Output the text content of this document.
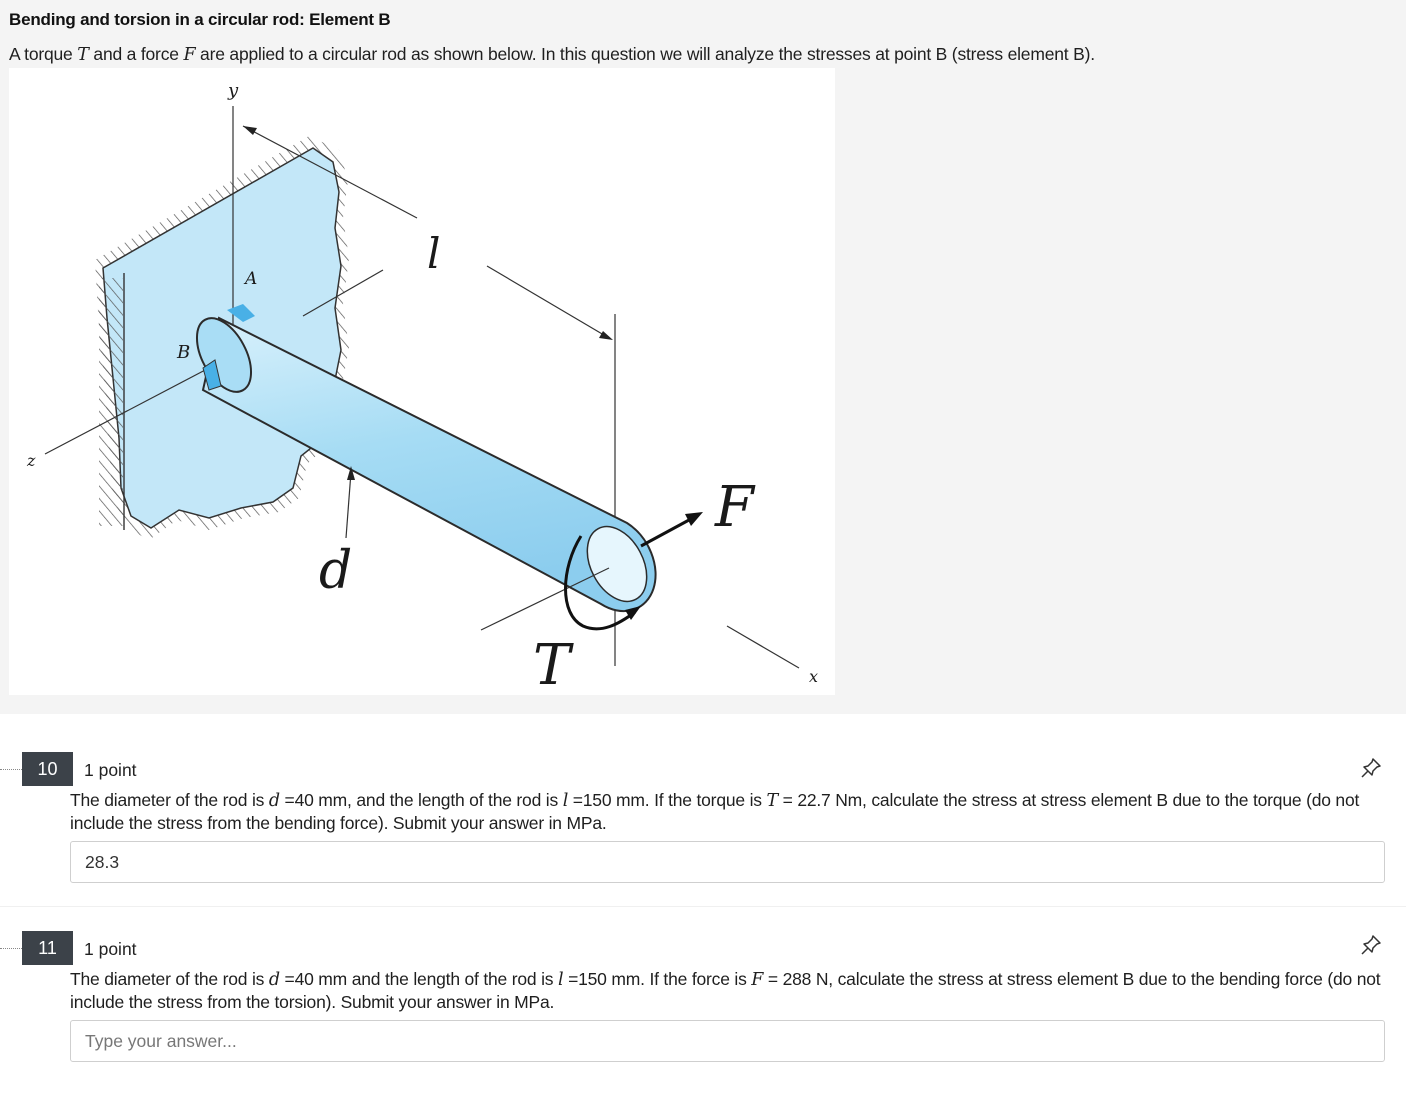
Bending and torsion in a circular rod: Element B
A torque T and a force F are applied to a circular rod as shown below. In this question we will analyze the stresses at point B (stress element B).
y
z
l
A
B
x
d
F
T
10	1 point
The diameter of the rod is d =40 mm, and the length of the rod is l =150 mm. If the torque is T = 22.7 Nm, calculate the stress at stress element B due to the torque (do not include the stress from the bending force). Submit your answer in MPa.
28.3
11	1 point
The diameter of the rod is d =40 mm and the length of the rod is l =150 mm. If the force is F = 288 N, calculate the stress at stress element B due to the bending force (do not include the stress from the torsion). Submit your answer in MPa.
Type your answer...
